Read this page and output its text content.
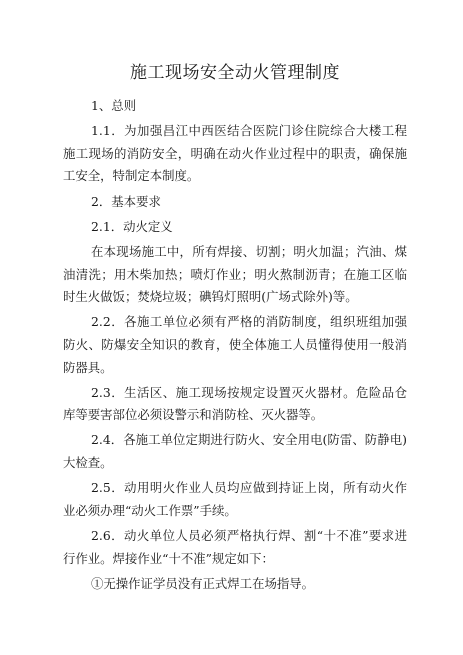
施工现场安全动火管理制度

1、总则

1.1．为加强昌江中西医结合医院门诊住院综合大楼工程施工现场的消防安全，明确在动火作业过程中的职责，确保施工安全，特制定本制度。

2．基本要求

2.1．动火定义

在本现场施工中，所有焊接、切割；明火加温；汽油、煤油清洗；用木柴加热；喷灯作业；明火熬制沥青；在施工区临时生火做饭；焚烧垃圾；碘钨灯照明(广场式除外)等。

2.2．各施工单位必须有严格的消防制度，组织班组加强防火、防爆安全知识的教育，使全体施工人员懂得使用一般消防器具。

2.3．生活区、施工现场按规定设置灭火器材。危险品仓库等要害部位必须设警示和消防栓、灭火器等。

2.4．各施工单位定期进行防火、安全用电(防雷、防静电)大检查。

2.5．动用明火作业人员均应做到持证上岗，所有动火作业必须办理“动火工作票”手续。

2.6．动火单位人员必须严格执行焊、割“十不准”要求进行作业。焊接作业“十不准”规定如下：

①无操作证学员没有正式焊工在场指导。
